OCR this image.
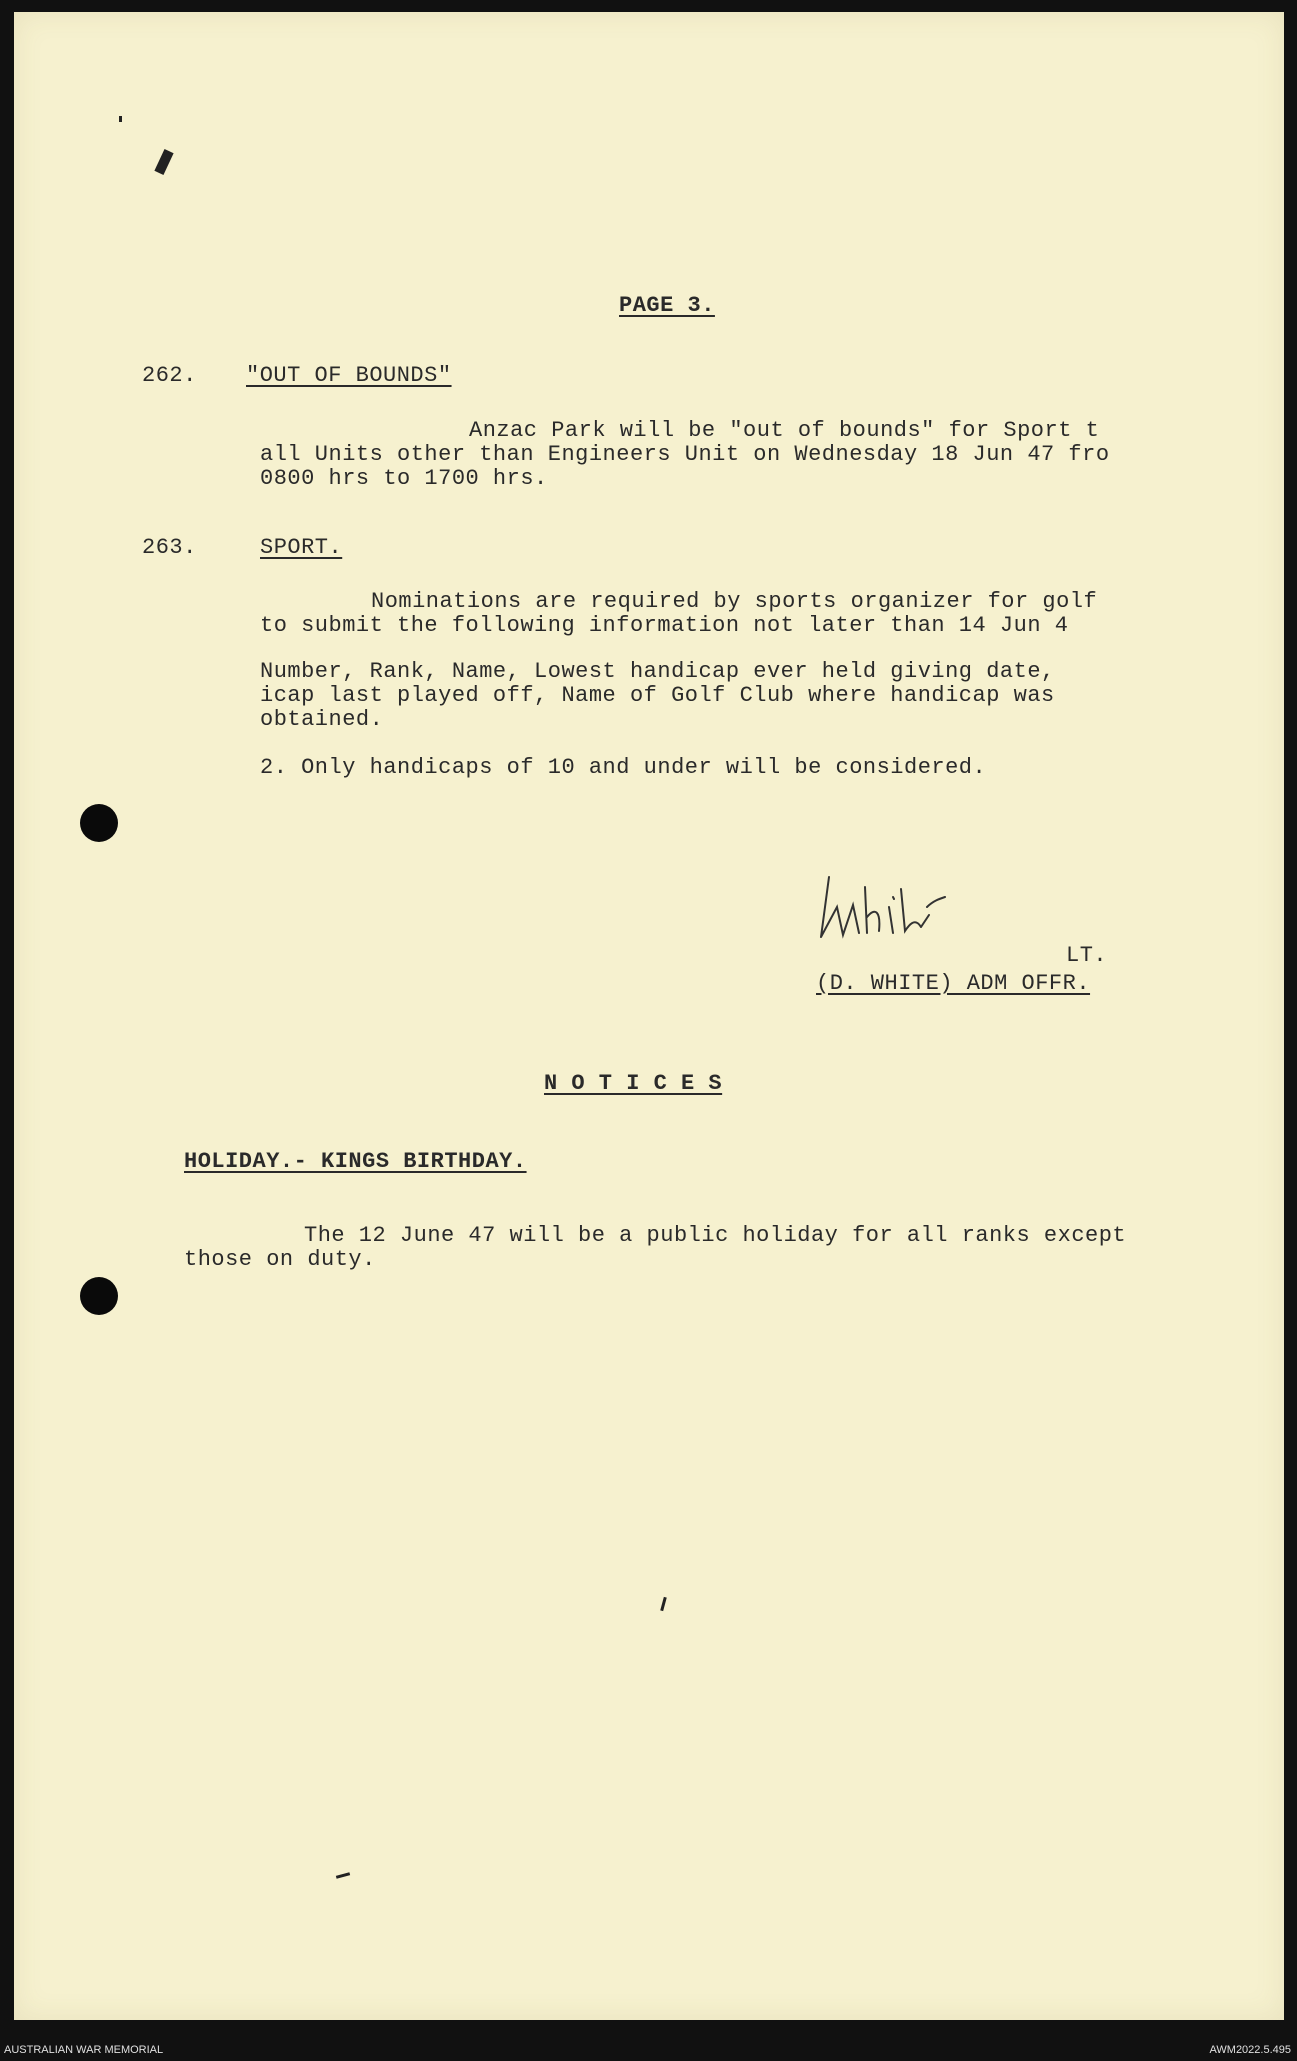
PAGE 3.
262. "OUT OF BOUNDS"
Anzac Park will be "out of bounds" for Sport t
all Units other than Engineers Unit on Wednesday 18 Jun 47 fro
0800 hrs to 1700 hrs.
263.	SPORT.
Nominations are required by sports organizer for golf
to submit the following information not later than 14 Jun 4
Number, Rank, Name, Lowest handicap ever held giving date,
icap last played off, Name of Golf Club where handicap was
obtained.
2. Only handicaps of 10 and under will be considered.
LT.
(D. WHITE) ADM OFFR.
N O T I C E S
HOLIDAY.- KINGS BIRTHDAY.
The 12 June 47 will be a public holiday for all ranks except
those on duty.
AUSTRALIAN WAR MEMORIAL	AWM2022.5.495
